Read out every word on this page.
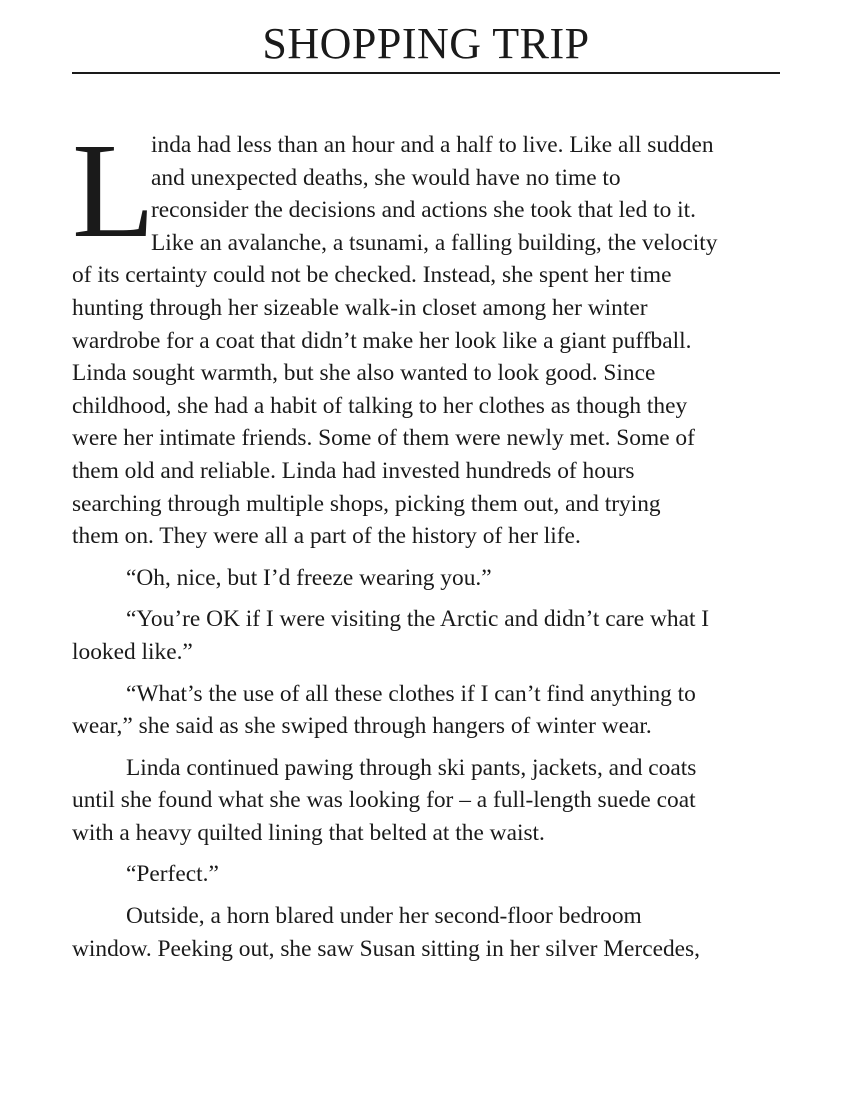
SHOPPING TRIP

L
inda had less than an hour and a half to live. Like all sudden
and unexpected deaths, she would have no time to
reconsider the decisions and actions she took that led to it.
Like an avalanche, a tsunami, a falling building, the velocity
of its certainty could not be checked. Instead, she spent her time
hunting through her sizeable walk-in closet among her winter
wardrobe for a coat that didn’t make her look like a giant puffball.
Linda sought warmth, but she also wanted to look good. Since
childhood, she had a habit of talking to her clothes as though they
were her intimate friends. Some of them were newly met. Some of
them old and reliable. Linda had invested hundreds of hours
searching through multiple shops, picking them out, and trying
them on. They were all a part of the history of her life.

“Oh, nice, but I’d freeze wearing you.”

“You’re OK if I were visiting the Arctic and didn’t care what I
looked like.”

“What’s the use of all these clothes if I can’t find anything to
wear,” she said as she swiped through hangers of winter wear.

Linda continued pawing through ski pants, jackets, and coats
until she found what she was looking for – a full-length suede coat
with a heavy quilted lining that belted at the waist.

“Perfect.”

Outside, a horn blared under her second-floor bedroom
window. Peeking out, she saw Susan sitting in her silver Mercedes,
